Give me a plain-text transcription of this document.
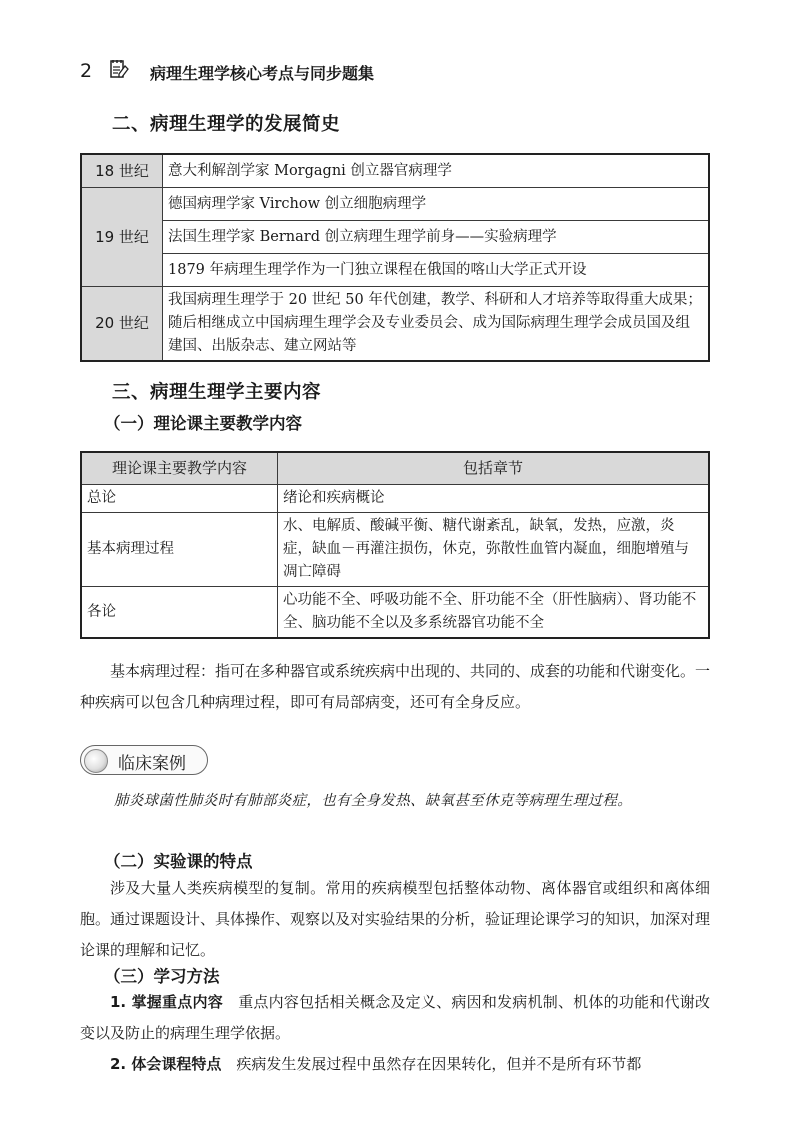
2	病理生理学核心考点与同步题集
二、病理生理学的发展简史
18 世纪	意大利解剖学家 Morgagni 创立器官病理学
19 世纪	德国病理学家 Virchow 创立细胞病理学
	法国生理学家 Bernard 创立病理生理学前身——实验病理学
	1879 年病理生理学作为一门独立课程在俄国的喀山大学正式开设
20 世纪	我国病理生理学于 20 世纪 50 年代创建，教学、科研和人才培养等取得重大成果；随后相继成立中国病理生理学会及专业委员会、成为国际病理生理学会成员国及组建国、出版杂志、建立网站等
三、病理生理学主要内容
（一）理论课主要教学内容
理论课主要教学内容	包括章节
总论	绪论和疾病概论
基本病理过程	水、电解质、酸碱平衡、糖代谢紊乱，缺氧，发热，应激，炎症，缺血－再灌注损伤，休克，弥散性血管内凝血，细胞增殖与凋亡障碍
各论	心功能不全、呼吸功能不全、肝功能不全（肝性脑病）、肾功能不全、脑功能不全以及多系统器官功能不全

基本病理过程：指可在多种器官或系统疾病中出现的、共同的、成套的功能和代谢变化。一种疾病可以包含几种病理过程，即可有局部病变，还可有全身反应。

临床案例
肺炎球菌性肺炎时有肺部炎症，也有全身发热、缺氧甚至休克等病理生理过程。
（二）实验课的特点

涉及大量人类疾病模型的复制。常用的疾病模型包括整体动物、离体器官或组织和离体细胞。通过课题设计、具体操作、观察以及对实验结果的分析，验证理论课学习的知识，加深对理论课的理解和记忆。

（三）学习方法

1. 掌握重点内容　 重点内容包括相关概念及定义、病因和发病机制、机体的功能和代谢改变以及防止的病理生理学依据。

2. 体会课程特点　 疾病发生发展过程中虽然存在因果转化，但并不是所有环节都
